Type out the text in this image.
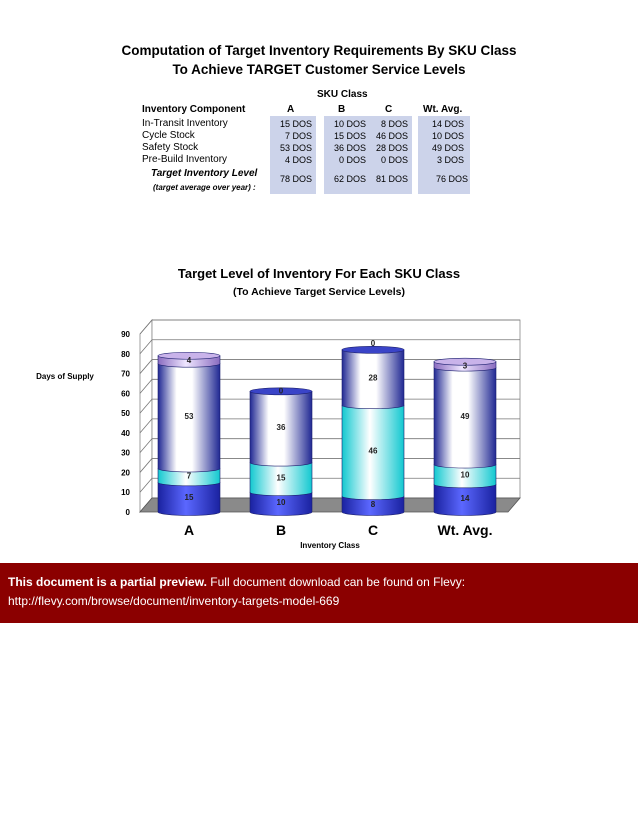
Computation of Target Inventory Requirements By SKU Class
To Achieve TARGET Customer Service Levels
SKU Class
Inventory Component	A	B	C	Wt. Avg.
In-Transit Inventory	15 DOS	10 DOS	8 DOS	14 DOS
Cycle Stock	7 DOS	15 DOS	46 DOS	10 DOS
Safety Stock	53 DOS	36 DOS	28 DOS	49 DOS
Pre-Build Inventory	4 DOS	0 DOS	0 DOS	3 DOS
Target Inventory Level
(target average over year) :
78 DOS	62 DOS	81 DOS	76 DOS
Target Level of Inventory For Each SKU Class
(To Achieve Target Service Levels)
0
10
20
30
40
50
60
70
80
90
15
7
53
4
A
10
15
36
0
B
8
46
28
0
C
14
10
49
3
Wt. Avg.
Days of Supply
Inventory Class
This document is a partial preview. Full document download can be found on Flevy:
http://flevy.com/browse/document/inventory-targets-model-669
